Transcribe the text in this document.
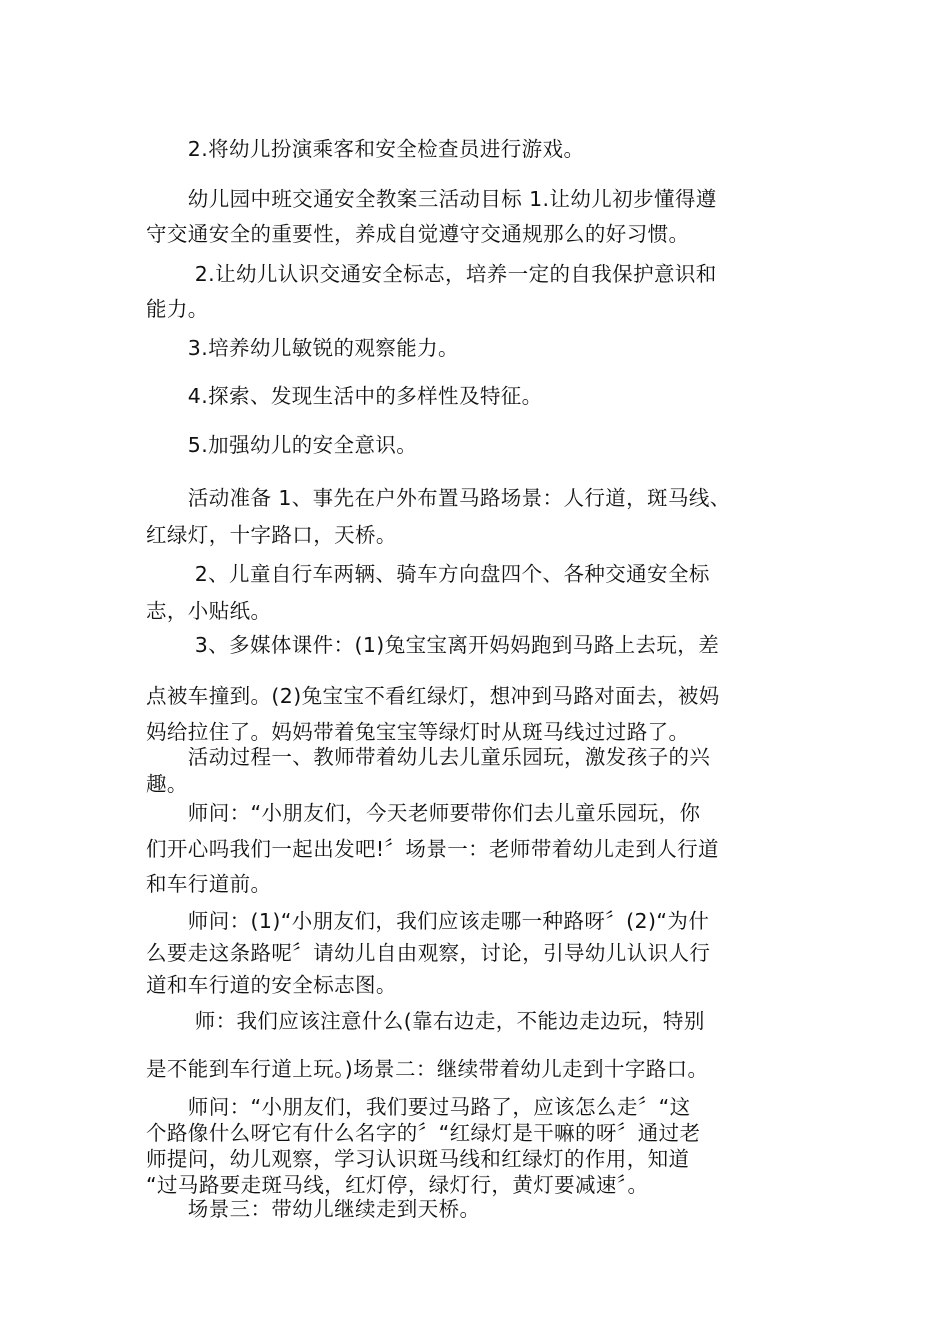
　　2.将幼儿扮演乘客和安全检查员进行游戏。

　　幼儿园中班交通安全教案三活动目标 1.让幼儿初步懂得遵
守交通安全的重要性，养成自觉遵守交通规那么的好习惯。

　　 2.让幼儿认识交通安全标志，培养一定的自我保护意识和
能力。

　　3.培养幼儿敏锐的观察能力。

　　4.探索、发现生活中的多样性及特征。

　　5.加强幼儿的安全意识。

　　活动准备 1、事先在户外布置马路场景：人行道，斑马线、
红绿灯，十字路口，天桥。

　　 2、儿童自行车两辆、骑车方向盘四个、各种交通安全标
志，小贴纸。

　　 3、多媒体课件：(1)兔宝宝离开妈妈跑到马路上去玩，差

点被车撞到。(2)兔宝宝不看红绿灯，想冲到马路对面去，被妈
妈给拉住了。妈妈带着兔宝宝等绿灯时从斑马线过过路了。

　　活动过程一、教师带着幼儿去儿童乐园玩，激发孩子的兴
趣。

　　师问：“小朋友们，今天老师要带你们去儿童乐园玩，你
们开心吗我们一起出发吧!〞场景一：老师带着幼儿走到人行道

和车行道前。

　　师问：(1)“小朋友们，我们应该走哪一种路呀〞(2)“为什
么要走这条路呢〞请幼儿自由观察，讨论，引导幼儿认识人行
道和车行道的安全标志图。

　　 师：我们应该注意什么(靠右边走，不能边走边玩，特别

是不能到车行道上玩。)场景二：继续带着幼儿走到十字路口。

　　师问：“小朋友们，我们要过马路了，应该怎么走〞“这
个路像什么呀它有什么名字的〞“红绿灯是干嘛的呀〞通过老
师提问，幼儿观察，学习认识斑马线和红绿灯的作用，知道
“过马路要走斑马线，红灯停，绿灯行，黄灯要减速〞。

　　场景三：带幼儿继续走到天桥。
